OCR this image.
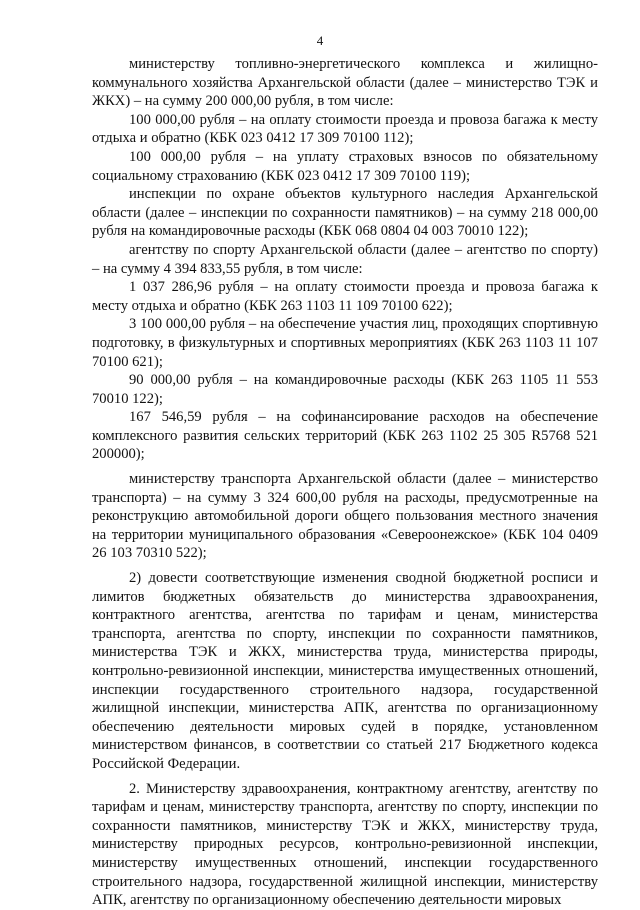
4

министерству топливно-энергетического комплекса и жилищно-коммунального хозяйства Архангельской области (далее – министерство ТЭК и ЖКХ) – на сумму 200 000,00 рубля, в том числе:

100 000,00 рубля – на оплату стоимости проезда и провоза багажа к месту отдыха и обратно (КБК 023 0412 17 309 70100 112);

100 000,00 рубля – на уплату страховых взносов по обязательному социальному страхованию (КБК 023 0412 17 309 70100 119);

инспекции по охране объектов культурного наследия Архангельской области (далее – инспекции по сохранности памятников) – на сумму 218 000,00 рубля на командировочные расходы (КБК 068 0804 04 003 70010 122);

агентству по спорту Архангельской области (далее – агентство по спорту) – на сумму 4 394 833,55 рубля, в том числе:

1 037 286,96 рубля – на оплату стоимости проезда и провоза багажа к месту отдыха и обратно (КБК 263 1103 11 109 70100 622);

3 100 000,00 рубля – на обеспечение участия лиц, проходящих спортивную подготовку, в физкультурных и спортивных мероприятиях (КБК 263 1103 11 107 70100 621);

90 000,00 рубля – на командировочные расходы (КБК 263 1105 11 553 70010 122);

167 546,59 рубля – на софинансирование расходов на обеспечение комплексного развития сельских территорий (КБК 263 1102 25 305 R5768 521 200000);

министерству транспорта Архангельской области (далее – министерство транспорта) – на сумму 3 324 600,00 рубля на расходы, предусмотренные на реконструкцию автомобильной дороги общего пользования местного значения на территории муниципального образования «Североонежское» (КБК 104 0409 26 103 70310 522);

2) довести соответствующие изменения сводной бюджетной росписи и лимитов бюджетных обязательств до министерства здравоохранения, контрактного агентства, агентства по тарифам и ценам, министерства транспорта, агентства по спорту, инспекции по сохранности памятников, министерства ТЭК и ЖКХ, министерства труда, министерства природы, контрольно-ревизионной инспекции, министерства имущественных отношений, инспекции государственного строительного надзора, государственной жилищной инспекции, министерства АПК, агентства по организационному обеспечению деятельности мировых судей в порядке, установленном министерством финансов, в соответствии со статьей 217 Бюджетного кодекса Российской Федерации.

2. Министерству здравоохранения, контрактному агентству, агентству по тарифам и ценам, министерству транспорта, агентству по спорту, инспекции по сохранности памятников, министерству ТЭК и ЖКХ, министерству труда, министерству природных ресурсов, контрольно-ревизионной инспекции, министерству имущественных отношений, инспекции государственного строительного надзора, государственной жилищной инспекции, министерству АПК, агентству по организационному обеспечению деятельности мировых
